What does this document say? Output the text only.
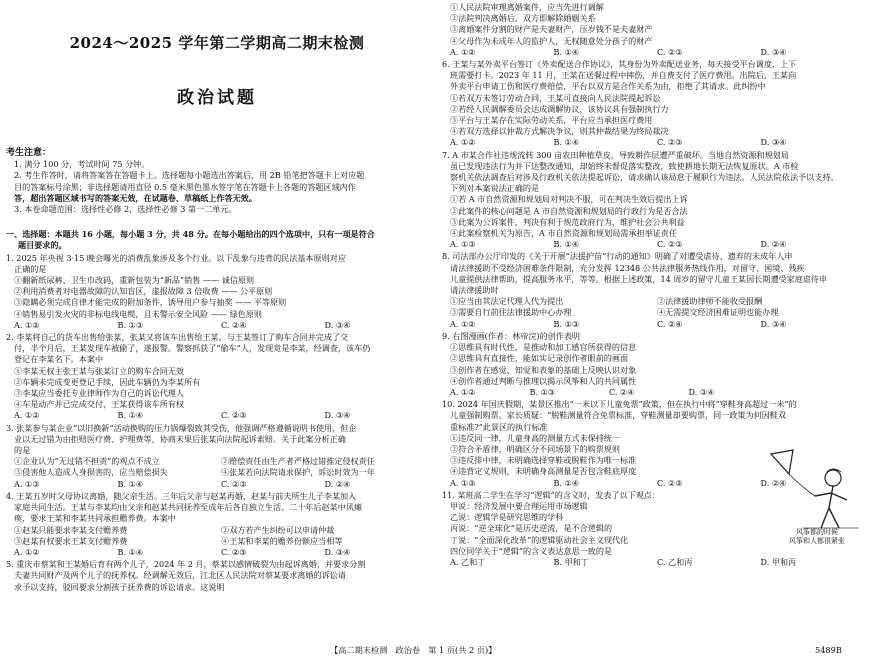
2024～2025 学年第二学期高二期末检测
政治试题
考生注意：

1. 满分 100 分，考试时间 75 分钟。

2. 考生作答时，请将答案答在答题卡上。选择题每小题选出答案后，用 2B 铅笔把答题卡上对应题

目的答案标号涂黑；非选择题请用直径 0.5 毫米黑色墨水签字笔在答题卡上各题的答题区域内作

答，超出答题区域书写的答案无效，在试题卷、草稿纸上作答无效。

3. 本卷命题范围：选择性必修 2，选择性必修 3 第一二单元。

一、选择题：本题共 16 小题，每小题 3 分，共 48 分。在每小题给出的四个选项中，只有一项是符合
题目要求的。

1. 2025 年央视 3·15 晚会曝光的消费乱象涉及多个行业。以下乱象与违背的民法基本原则对应

正确的是

①翻新纸尿裤、卫生巾改码，重新包装为“新品”销售 —— 诚信原则

②利用消费者对电器故障的认知盲区，虚报故障 3 倍收费 —— 公平原则

③隐瞒必须完成自律才能完成的附加条件，诱导用户参与抽奖 —— 平等原则

④销售易引发火灾的非标电线电缆，且未警示安全风险 —— 绿色原则

A. ①②	B. ①③	C. ②④	D. ③④

2. 李某将自己的货车出售给张某，张某又将该车出售给王某，与王某签订了购车合同并完成了交

付，半个月后，王某发现车被偷了，遂报警。警察抓获了“偷车”人，发现竟是李某，经调查，该车仍

登记在李某名下。本案中

①李某无权主张王某与张某订立的购车合同无效

②车辆未完成变更登记手续，因此车辆仍为李某所有

③李某应当委托专业律师作为自己的诉讼代理人

④车是动产并已完成交付，王某获得该车所有权

A. ①②	B. ①④	C. ②③	D. ③④

3. 张某参与某企业“以旧换新”活动换购的压力锅爆裂致其受伤，他强调严格遵循说明书使用，但企

业以无过错为由拒赔医疗费、护理费等，协商未果后张某向法院起诉索赔。关于此案分析正确

的是

①企业认为“无过错不担责”的观点不成立	②赔偿责任由生产者严格过错推定侵权责任
③侵害他人造成人身损害的，应当赔偿损失	④张某若向法院请求保护，诉讼时效为一年
A. ①③	B. ①④	C. ②③	D. ②④

4. 王某五岁时父母协议离婚，随父亲生活。三年后父亲与赵某再婚，赵某与前夫所生儿子李某加入

家庭共同生活。王某与李某均由父亲和赵某共同抚养至成年后各自独立生活。二十年后赵某中风瘫

痪，要求王某和李某共同承担赡养费。本案中

①赵某只能要求李某支付赡养费	②双方若产生纠纷可以申请仲裁
③赵某有权要求王某支付赡养费	④王某和李某的赡养份额应当相等
A. ①②	B. ①④	C. ②③	D. ③④

5. 重庆市蔡某和王某婚后育有两个儿子，2024 年 2 月，蔡某以感情破裂为由起诉离婚，并要求分割

夫妻共同财产及两个儿子的抚养权。经调解无效后，江北区人民法院对蔡某要求离婚的诉讼请

求予以支持，驳回要求分割孩子抚养费的诉讼请求。这说明

①人民法院审理离婚案件，应当先进行调解

②法院判决离婚后，双方即解除婚姻关系

③离婚案件分割的财产是夫妻财产，压岁钱不是夫妻财产

④父母作为未成年人的监护人，无权随意处分孩子的财产

A. ①②	B. ①④	C. ②③	D. ③④

6. 王某与某外卖平台签订《外卖配送合作协议》，其身份为外卖配送业务，每天接受平台调度，上下

班需要打卡。2023 年 11 月，王某在送餐过程中摔伤，并自费支付了医疗费用。出院后，王某向

外卖平台申请工伤和医疗费赔偿，平台以双方是合作关系为由，拒绝了其请求。此纠纷中

①若双方未签订劳动合同，王某可直接向人民法院提起诉讼

②若经人民调解委员会达成调解协议，该协议具有强制执行力

③平台与王某存在实际劳动关系，平台应当承担医疗费用

④若双方选择以仲裁方式解决争议，则其仲裁结果为终局裁决

A. ①②	B. ①④	C. ②③	D. ③④

7. A 市某合作社违规流转 300 亩农田种植草皮，导致耕作层遭严重破坏。当地自然资源和规划局

虽已发现违法行为并下达整改通知，却始终未督促落实整改，致使耕地长期无法恢复原状。A 市检

察机关依法调查后对涉及行政机关依法提起诉讼，请求确认该局怠于履职行为违法。人民法院依法予以支持。

下列对本案说法正确的是

①若 A 市自然资源和规划局对判决不服，可在判决生效后提出上诉

②此案件的核心问题是 A 市自然资源和规划局的行政行为是否合法

③此案为公诉案件，判决有利于规范政府行为，维护社会公共利益

④此案检察机关为原告，A 市自然资源和规划局需承担举证责任

A. ①③	B. ①④	C. ②③	D. ②④

8. 司法部办公厅印发的《关于开展“法援护苗”行动的通知》明确了对遭受虐待、遗弃的未成年人申

请法律援助不受经济困难条件限制，充分发挥 12348 公共法律服务热线作用，对留守、困境、残疾

儿童提供法律帮助，提高服务水平，等等。根据上述政策，14 周岁的留守儿童王某因长期遭受家庭虐待申

请法律援助时

①应当由其法定代理人代为提出	②法律援助律师不能收受报酬
③需要自行前往法律援助中心办理	④无需提交经济困难证明也能办理
A. ①②	B. ①③	C. ②④	D. ③④

9. 右图漫画(作者：林帝浣)的创作表明

①思维具有时代性，是推动和加工感官所获得的信息

②思维具有直接性，能如实记录创作者眼前的画面

③创作者在感觉、知觉和表象的基础上反映认识对象

④创作者通过判断与推理以揭示风筝和人的共同属性

A. ①②	B. ①③	C. ②④	D. ③④

10. 2024 年国庆假期，某景区推出“一米以下儿童免票”政策，但在执行中将“穿鞋身高超过一米”的

儿童强制购票。家长质疑：“脱鞋测量符合免票标准，穿鞋测量却要购票，同一政策为何因鞋双

重标准?”此景区的执行标准

①违反同一律，儿童身高的测量方式未保持统一

②符合矛盾律，明确区分不同场景下的购票规则

③违反排中律，未明确选择穿鞋或脱鞋作为唯一标准

④违背定义规则，未明确身高测量是否包含鞋底厚度

A. ①③	B. ①④	C. ②③	D. ②④

11. 某班高二学生在学习“逻辑”的含义时，发表了以下观点：

甲说：经济发展中要合理运用市场逻辑

乙说：逻辑学是研究思维的学科

丙说：“逆全球化”是历史逆流，是不合逻辑的

丁说：“全面深化改革”的逻辑驱动社会主义现代化

四位同学关于“逻辑”的含义表达意思一致的是

A. 乙和丁	B. 甲和丁	C. 乙和丙	D. 甲和丙
风筝都的时候
风筝和人都很紧张
【高二期末检测　政治卷　第 1 页(共 2 页)】	5489B
